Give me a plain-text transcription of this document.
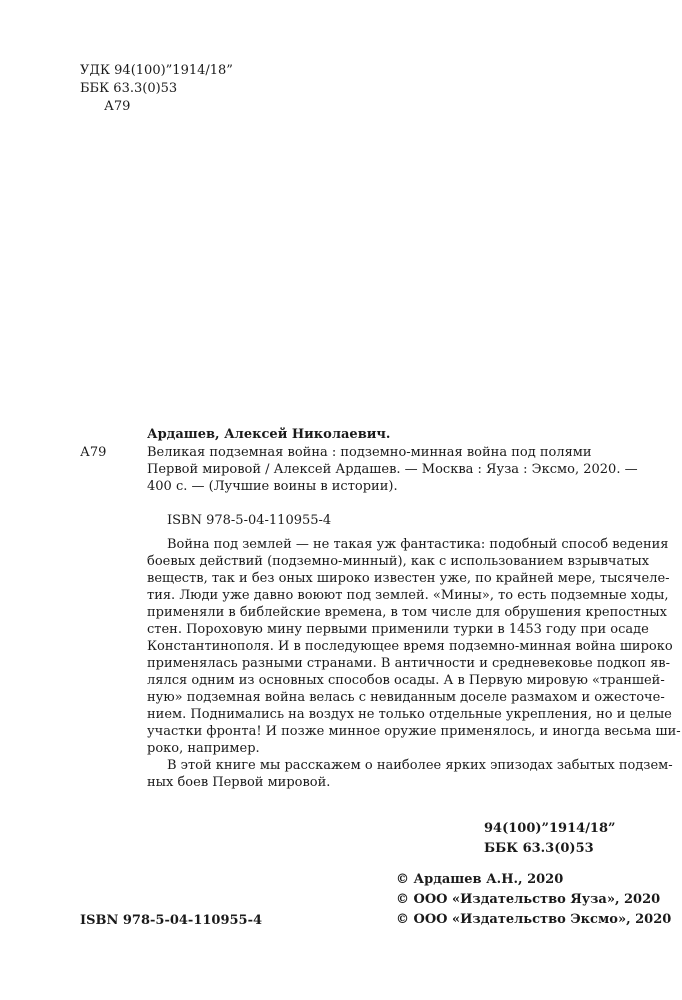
УДК 94(100)”1914/18”
ББК 63.3(0)53
А79
Ардашев, Алексей Николаевич.
А79	Великая подземная война : подземно-минная война под полями
Первой мировой / Алексей Ардашев. — Москва : Яуза : Эксмо, 2020. —
400 с. — (Лучшие воины в истории).
ISBN 978-5-04-110955-4
Война под землей — не такая уж фантастика: подобный способ ведения
боевых действий (подземно-минный), как с использованием взрывчатых
веществ, так и без оных широко известен уже, по крайней мере, тысячеле-
тия. Люди уже давно воюют под землей. «Мины», то есть подземные ходы,
применяли в библейские времена, в том числе для обрушения крепостных
стен. Пороховую мину первыми применили турки в 1453 году при осаде
Константинополя. И в последующее время подземно-минная война широко
применялась разными странами. В античности и средневековье подкоп яв-
лялся одним из основных способов осады. А в Первую мировую «траншей-
ную» подземная война велась с невиданным доселе размахом и ожесточе-
нием. Поднимались на воздух не только отдельные укрепления, но и целые
участки фронта! И позже минное оружие применялось, и иногда весьма ши-
роко, например.
В этой книге мы расскажем о наиболее ярких эпизодах забытых подзем-
ных боев Первой мировой.
94(100)”1914/18”
ББК 63.3(0)53
© Ардашев А.Н., 2020
© ООО «Издательство Яуза», 2020
© ООО «Издательство Эксмо», 2020
ISBN 978-5-04-110955-4
